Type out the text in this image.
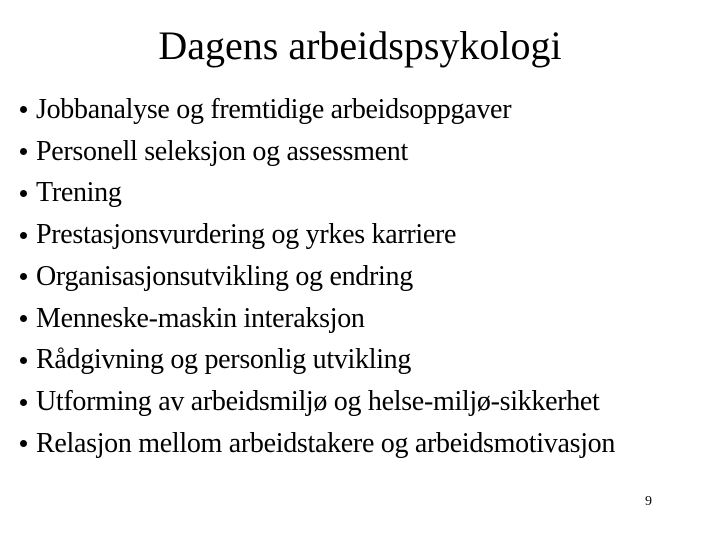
Dagens arbeidspsykologi
Jobbanalyse og fremtidige arbeidsoppgaver
Personell seleksjon og assessment
Trening
Prestasjonsvurdering og yrkes karriere
Organisasjonsutvikling og endring
Menneske-maskin interaksjon
Rådgivning og personlig utvikling
Utforming av arbeidsmiljø og helse-miljø-sikkerhet
Relasjon mellom arbeidstakere og arbeidsmotivasjon
9
